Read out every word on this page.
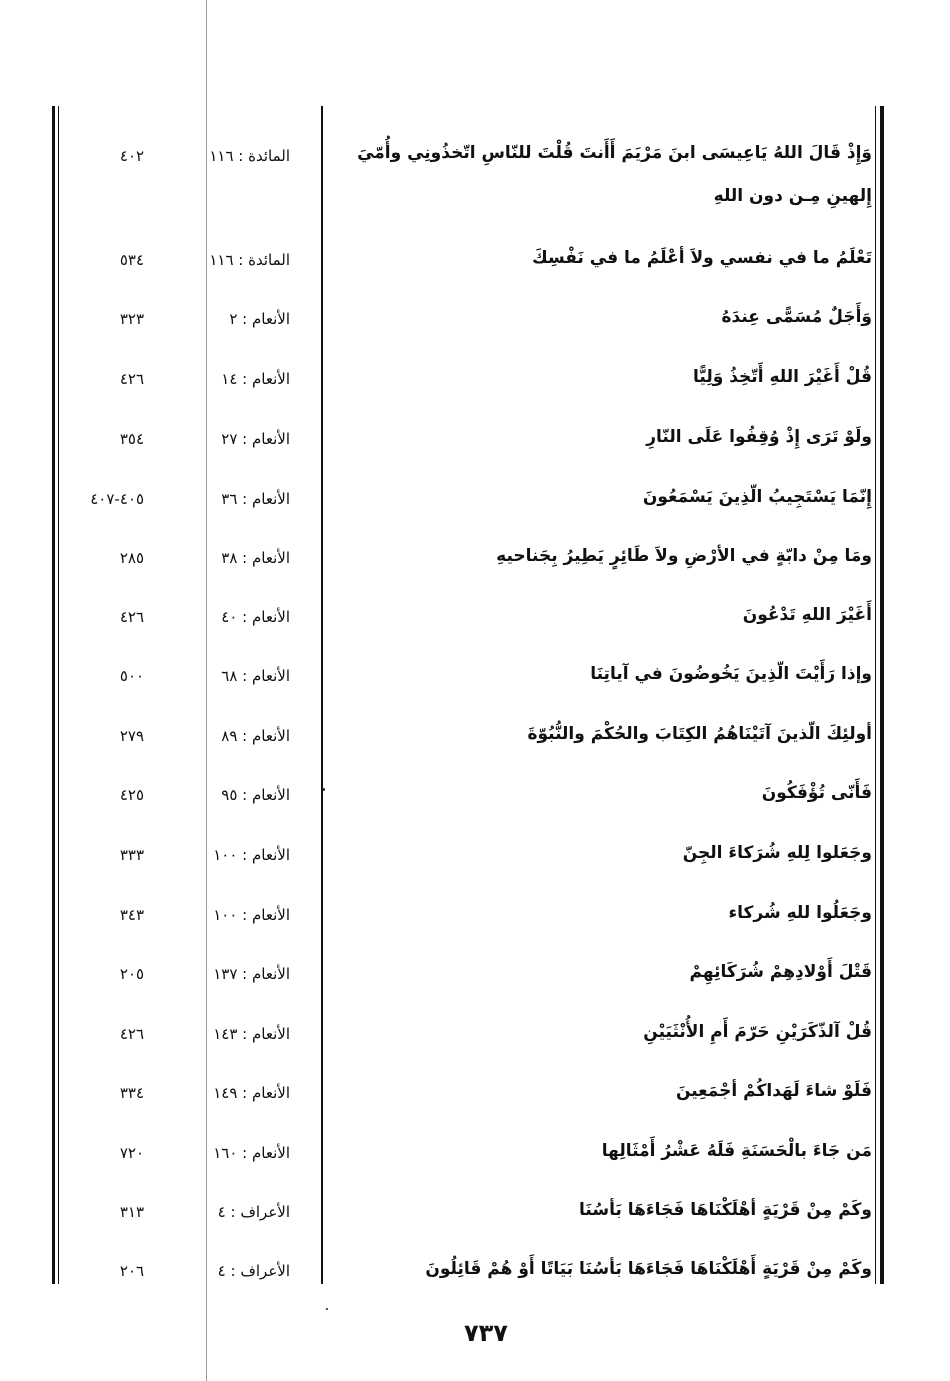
وَإِذْ قَالَ اللهُ يَاعِيسَى ابنَ مَرْيَمَ أَأَنتَ قُلْتَ للنّاسِ اتّخذُونِي وأُمّيَ إِلهينِ مِـن دون اللهِ
المائدة : ١١٦
٤٠٢
تَعْلَمُ ما في نفسي ولاَ أعْلَمُ ما في نَفْسِكَ
المائدة : ١١٦
٥٣٤
وَأَجَلٌ مُسَمًّى عِندَهُ
الأنعام : ٢
٣٢٣
قُلْ أَغَيْرَ اللهِ أَتّخِذُ وَلِيًّا
الأنعام : ١٤
٤٢٦
ولَوْ تَرَى إِذْ وُقِفُوا عَلَى النّارِ
الأنعام : ٢٧
٣٥٤
إِنّمَا يَسْتَجِيبُ الّذِينَ يَسْمَعُونَ
الأنعام : ٣٦
٤٠٥-٤٠٧
ومَا مِنْ دابّةٍ في الأرْضِ ولاَ طَائِرٍ يَطِيرُ بِجَناحيهِ
الأنعام : ٣٨
٢٨٥
أَغَيْرَ اللهِ تَدْعُونَ
الأنعام : ٤٠
٤٢٦
وإذا رَأَيْتَ الّذِينَ يَخُوضُونَ في آياتِنَا
الأنعام : ٦٨
٥٠٠
أولئِكَ الّذينَ آتَيْنَاهُمُ الكِتَابَ والحُكْمَ والنُّبُوّةَ
الأنعام : ٨٩
٢٧٩
فَأَنّى تُؤْفَكُونَ
الأنعام : ٩٥
٤٢٥
وجَعَلوا لِلهِ شُرَكاءَ الجِنّ
الأنعام : ١٠٠
٣٣٣
وجَعَلُوا للهِ شُركاء
الأنعام : ١٠٠
٣٤٣
قَتْلَ أَوْلادِهِمْ شُرَكَائِهِمْ
الأنعام : ١٣٧
٢٠٥
قُلْ آلذّكَرَيْنِ حَرّمَ أَمِ الأُنْثَيَيْنِ
الأنعام : ١٤٣
٤٢٦
فَلَوْ شاءَ لَهَداكُمْ أجْمَعِينَ
الأنعام : ١٤٩
٣٣٤
مَن جَاءَ بالْحَسَنَةِ فَلَهُ عَشْرُ أَمْثَالِها
الأنعام : ١٦٠
٧٢٠
وكَمْ مِنْ قَرْيَةٍ أهْلَكْنَاهَا فَجَاءَهَا بَأسُنَا
الأعراف : ٤
٣١٣
وكَمْ مِنْ قَرْيَةٍ أَهْلَكْنَاهَا فَجَاءَهَا بَأسُنَا بَيَاتًا أَوْ هُمْ قَائِلُونَ
الأعراف : ٤
٢٠٦
٧٣٧
